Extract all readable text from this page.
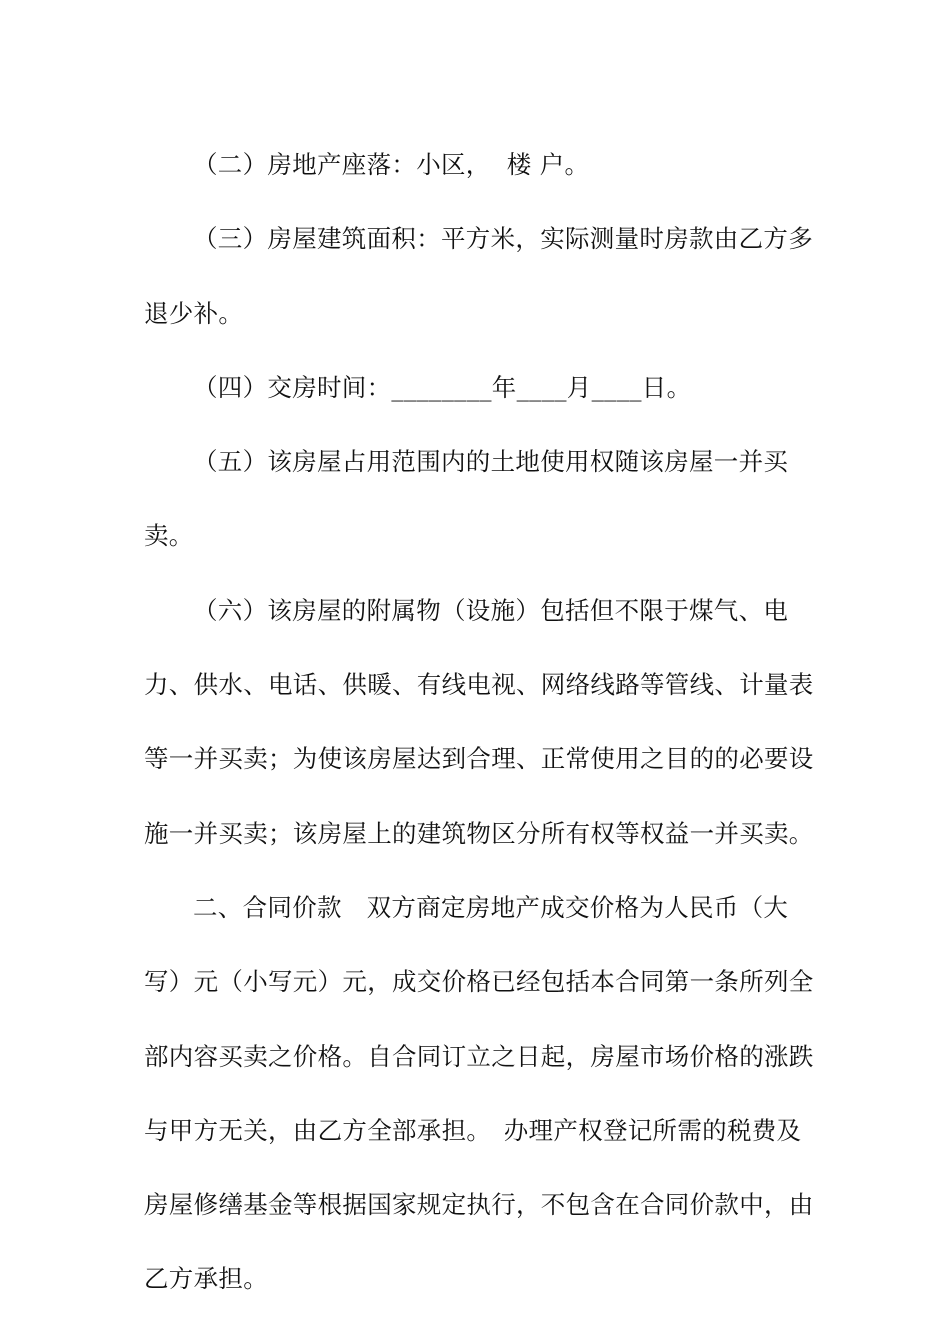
（二）房地产座落：小区，  楼 户。

（三）房屋建筑面积：平方米，实际测量时房款由乙方多退少补。

（四）交房时间：________年____月____日。

（五）该房屋占用范围内的土地使用权随该房屋一并买卖。

（六）该房屋的附属物（设施）包括但不限于煤气、电力、供水、电话、供暖、有线电视、网络线路等管线、计量表等一并买卖；为使该房屋达到合理、正常使用之目的的必要设施一并买卖；该房屋上的建筑物区分所有权等权益一并买卖。

二、合同价款　双方商定房地产成交价格为人民币（大写）元（小写元）元，成交价格已经包括本合同第一条所列全部内容买卖之价格。自合同订立之日起，房屋市场价格的涨跌与甲方无关，由乙方全部承担。　办理产权登记所需的税费及房屋修缮基金等根据国家规定执行，不包含在合同价款中，由乙方承担。
